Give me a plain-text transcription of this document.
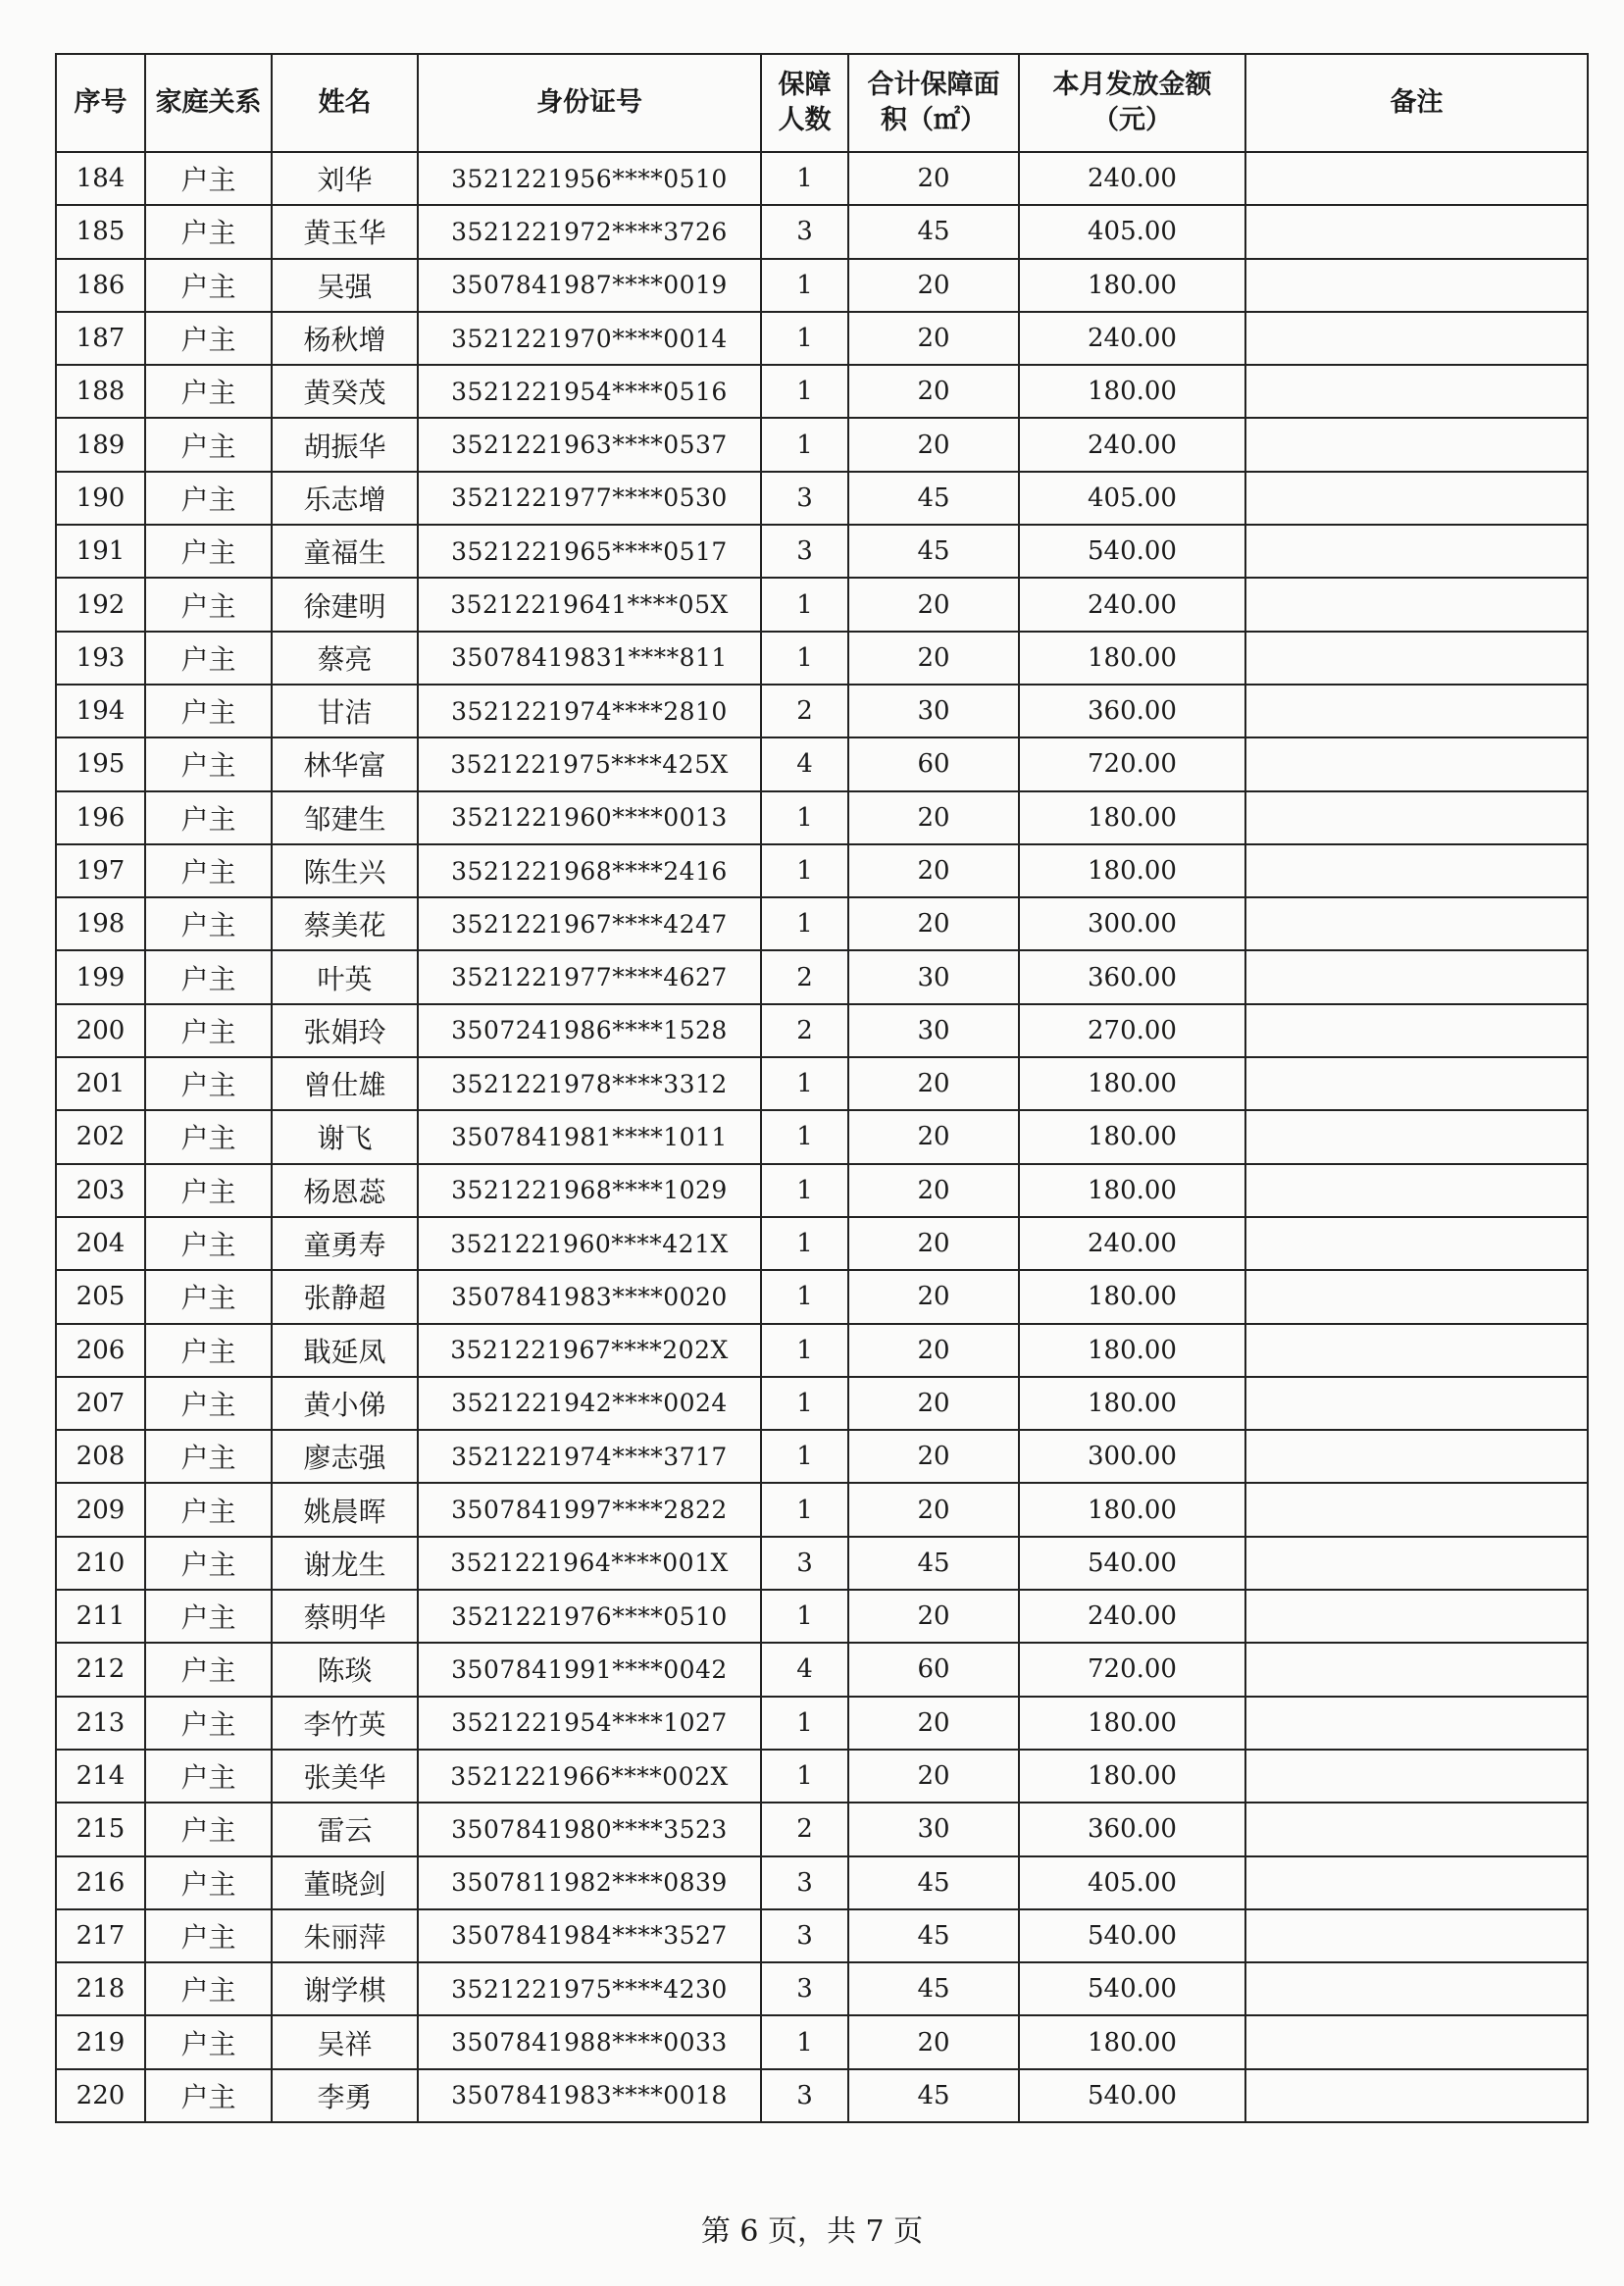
序号	家庭关系	姓名	身份证号	保障人数	合计保障面积（㎡）	本月发放金额（元）	备注
184	户主	刘华	3521221956****0510	1	20	240.00	
185	户主	黄玉华	3521221972****3726	3	45	405.00	
186	户主	吴强	3507841987****0019	1	20	180.00	
187	户主	杨秋增	3521221970****0014	1	20	240.00	
188	户主	黄癸茂	3521221954****0516	1	20	180.00	
189	户主	胡振华	3521221963****0537	1	20	240.00	
190	户主	乐志增	3521221977****0530	3	45	405.00	
191	户主	童福生	3521221965****0517	3	45	540.00	
192	户主	徐建明	35212219641****05X	1	20	240.00	
193	户主	蔡亮	35078419831****811	1	20	180.00	
194	户主	甘洁	3521221974****2810	2	30	360.00	
195	户主	林华富	3521221975****425X	4	60	720.00	
196	户主	邹建生	3521221960****0013	1	20	180.00	
197	户主	陈生兴	3521221968****2416	1	20	180.00	
198	户主	蔡美花	3521221967****4247	1	20	300.00	
199	户主	叶英	3521221977****4627	2	30	360.00	
200	户主	张娟玲	3507241986****1528	2	30	270.00	
201	户主	曾仕雄	3521221978****3312	1	20	180.00	
202	户主	谢飞	3507841981****1011	1	20	180.00	
203	户主	杨恩蕊	3521221968****1029	1	20	180.00	
204	户主	童勇寿	3521221960****421X	1	20	240.00	
205	户主	张静超	3507841983****0020	1	20	180.00	
206	户主	戢延凤	3521221967****202X	1	20	180.00	
207	户主	黄小俤	3521221942****0024	1	20	180.00	
208	户主	廖志强	3521221974****3717	1	20	300.00	
209	户主	姚晨晖	3507841997****2822	1	20	180.00	
210	户主	谢龙生	3521221964****001X	3	45	540.00	
211	户主	蔡明华	3521221976****0510	1	20	240.00	
212	户主	陈琰	3507841991****0042	4	60	720.00	
213	户主	李竹英	3521221954****1027	1	20	180.00	
214	户主	张美华	3521221966****002X	1	20	180.00	
215	户主	雷云	3507841980****3523	2	30	360.00	
216	户主	董晓剑	3507811982****0839	3	45	405.00	
217	户主	朱丽萍	3507841984****3527	3	45	540.00	
218	户主	谢学棋	3521221975****4230	3	45	540.00	
219	户主	吴祥	3507841988****0033	1	20	180.00	
220	户主	李勇	3507841983****0018	3	45	540.00	
第 6 页，共 7 页
